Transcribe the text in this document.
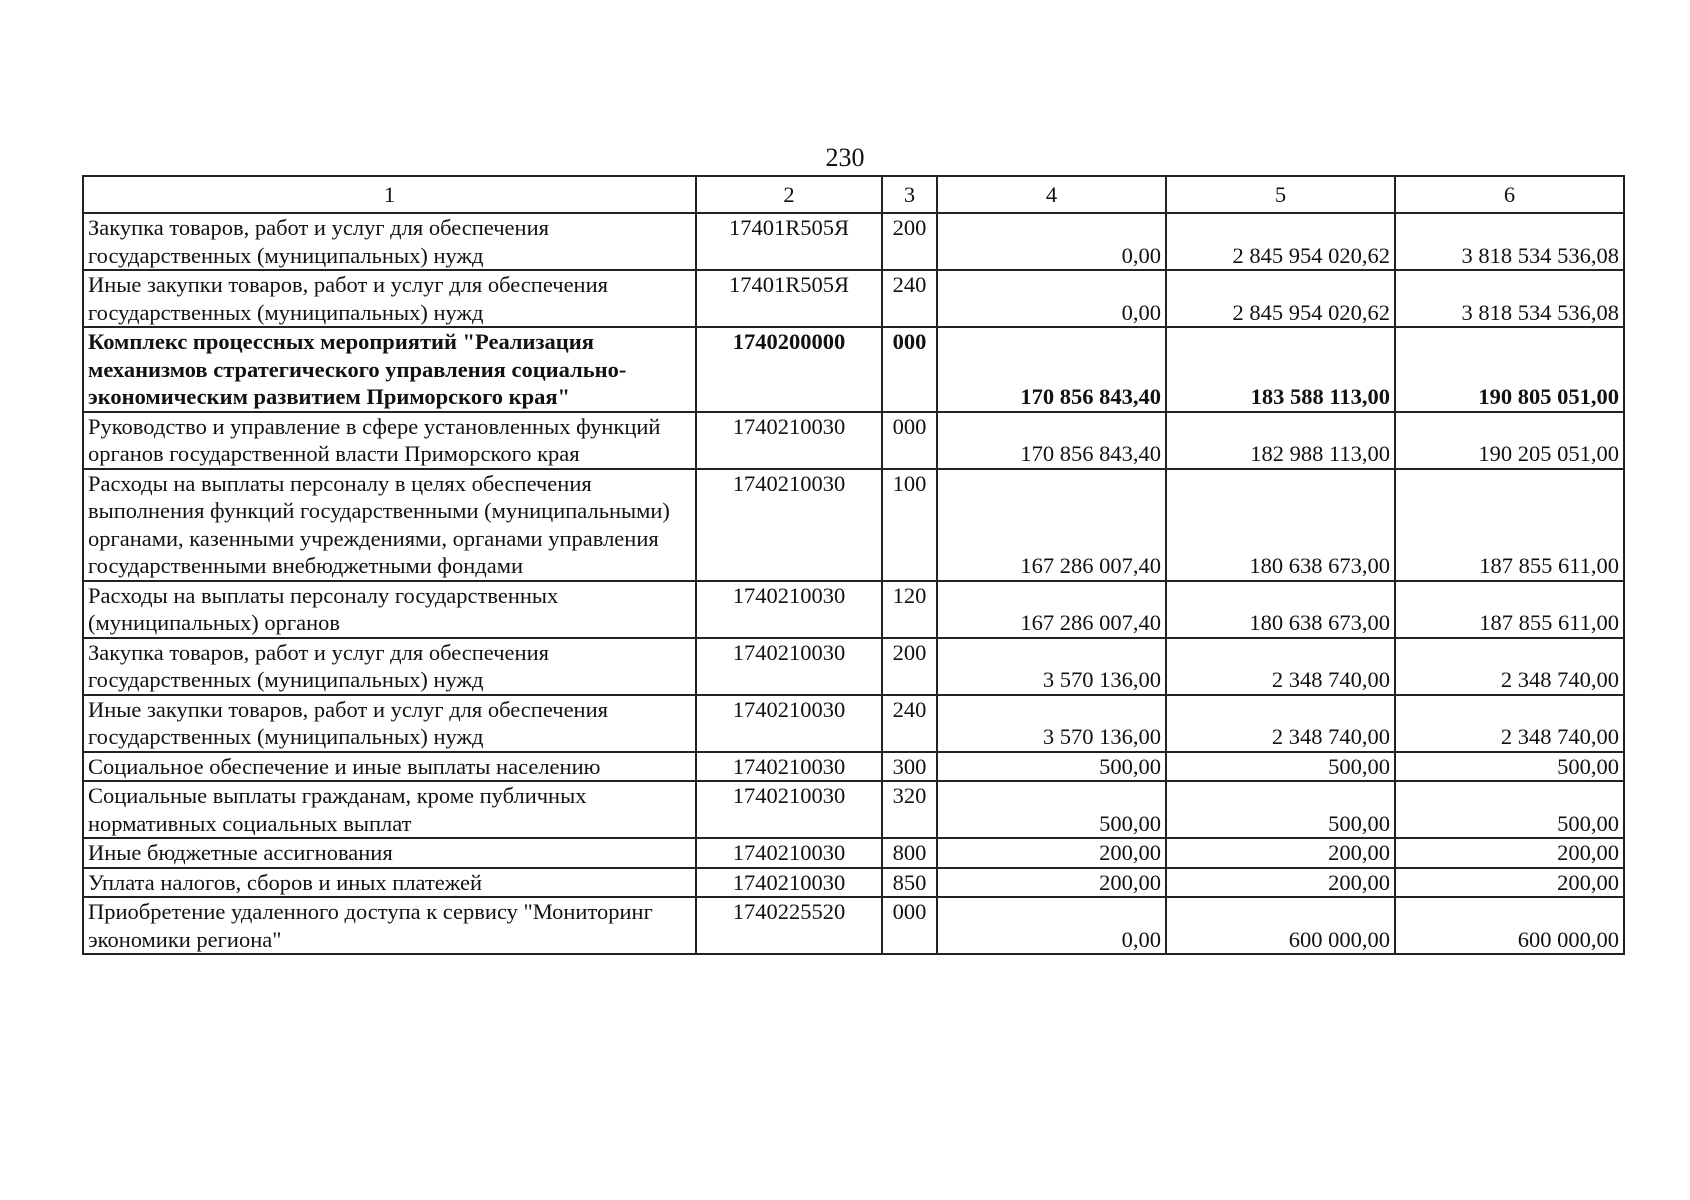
230
1	2	3	4	5	6
Закупка товаров, работ и услуг для обеспечения государственных (муниципальных) нужд	17401R505Я	200	0,00	2 845 954 020,62	3 818 534 536,08
Иные закупки товаров, работ и услуг для обеспечения государственных (муниципальных) нужд	17401R505Я	240	0,00	2 845 954 020,62	3 818 534 536,08
Комплекс процессных мероприятий "Реализация механизмов стратегического управления социально-экономическим развитием Приморского края"	1740200000	000	170 856 843,40	183 588 113,00	190 805 051,00
Руководство и управление в сфере установленных функций органов государственной власти Приморского края	1740210030	000	170 856 843,40	182 988 113,00	190 205 051,00
Расходы на выплаты персоналу в целях обеспечения выполнения функций государственными (муниципальными) органами, казенными учреждениями, органами управления государственными внебюджетными фондами	1740210030	100	167 286 007,40	180 638 673,00	187 855 611,00
Расходы на выплаты персоналу государственных (муниципальных) органов	1740210030	120	167 286 007,40	180 638 673,00	187 855 611,00
Закупка товаров, работ и услуг для обеспечения государственных (муниципальных) нужд	1740210030	200	3 570 136,00	2 348 740,00	2 348 740,00
Иные закупки товаров, работ и услуг для обеспечения государственных (муниципальных) нужд	1740210030	240	3 570 136,00	2 348 740,00	2 348 740,00
Социальное обеспечение и иные выплаты населению	1740210030	300	500,00	500,00	500,00
Социальные выплаты гражданам, кроме публичных нормативных социальных выплат	1740210030	320	500,00	500,00	500,00
Иные бюджетные ассигнования	1740210030	800	200,00	200,00	200,00
Уплата налогов, сборов и иных платежей	1740210030	850	200,00	200,00	200,00
Приобретение удаленного доступа к сервису "Мониторинг экономики региона"	1740225520	000	0,00	600 000,00	600 000,00
